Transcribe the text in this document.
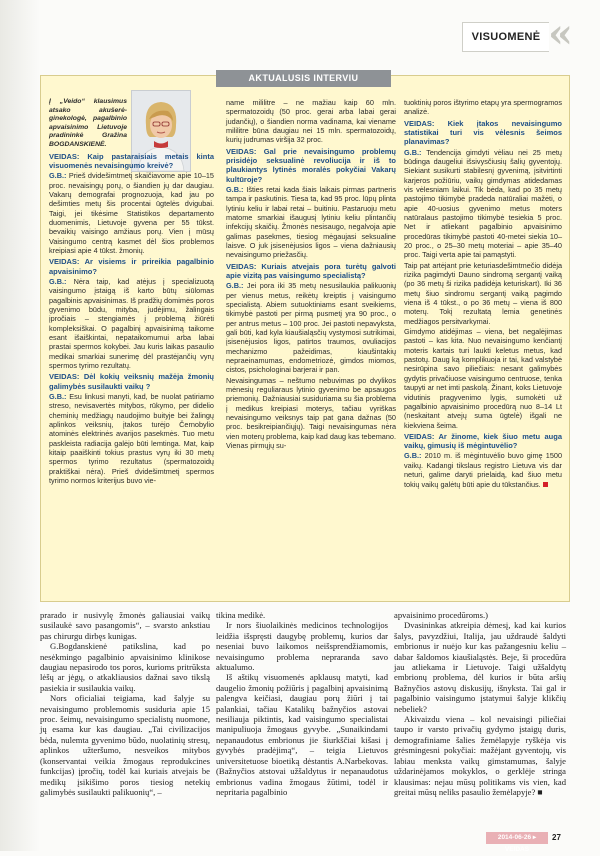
VISUOMENĖ «
AKTUALUSIS INTERVIU

Į „Veido“ klausimus atsako akušerė-ginekologė, pagalbinio apvaisinimo Lietuvoje pradininkė Gražina BOGDANSKIENĖ.

VEIDAS: Kaip pastaraisiais metais kinta visuomenės nevaisingumo kreivė?

G.B.: Prieš dvidešimtmetį skaičiavome apie 10–15 proc. nevaisingų porų, o šiandien jų dar daugiau. Vakarų demografai prognozuoja, kad jau po dešimties metų šis procentai ūgtelės dvigubai. Taigi, jei tikėsime Statistikos departamento duomenimis, Lietuvoje gyvena per 55 tūkst. bevaikių vaisingo amžiaus porų. Vien į mūsų Vaisingumo centrą kasmet dėl šios problemos kreipiasi apie 4 tūkst. žmonių.

VEIDAS: Ar visiems ir prireikia pagalbinio apvaisinimo?

G.B.: Nėra taip, kad atėjus į specializuotą vaisingumo įstaigą iš karto būtų siūlomas pagalbinis apvaisinimas. Iš pradžių domimės poros gyvenimo būdu, mityba, judėjimu, žalingais įpročiais – stengiamės į problemą žiūrėti kompleksiškai. O pagalbinį apvaisinimą taikome esant išaiškintai, nepataikomumui arba labai prastai spermos kokybei. Jau kuris laikas pasaulio medikai smarkiai sunerimę dėl prastėjančių vyrų spermos tyrimo rezultatų.

VEIDAS: Dėl kokių veiksnių mažėja žmonių galimybės susilaukti vaikų ?

G.B.: Esu linkusi manyti, kad, be nuolat patiriamo streso, nevisavertės mitybos, rūkymo, per didelio cheminių medžiagų naudojimo buityje bei žalingų aplinkos veiksnių, įtakos turėjo Černobylio atominės elektrinės avarijos pasekmės. Tuo metu paskleista radiacija galėjo būti lemtinga. Mat, kaip kitaip paaiškinti tokius prastus vyrų iki 30 metų spermos tyrimo rezultatus (spermatozoidų praktiškai nėra). Prieš dvidešimtmetį spermos tyrimo normos kriterijus buvo vie-

name mililitre – ne mažiau kaip 60 mln. spermatozoidų (50 proc. gerai arba labai gerai judančių), o šiandien norma vadinama, kai viename mililitre būna daugiau nei 15 mln. spermatozoidų, kurių judrumas viršija 32 proc.

VEIDAS: Gal prie nevaisingumo problemų prisidėjo seksualinė revoliucija ir iš to plaukiantys lytinės moralės pokyčiai Vakarų kultūroje?

G.B.: Išties retai kada šiais laikais pirmas partneris tampa ir paskutinis. Tiesa ta, kad 95 proc. lūpų plinta lytiniu keliu ir labai retai – buitiniu. Pastaruoju metu matome smarkiai išaugusį lytiniu keliu plintančių infekcijų skaičių. Žmonės nesisaugo, negalvoja apie galimas pasekmes, tiesiog mėgaujasi seksualine laisve. O juk jsisenėjusios ligos – viena dažniausių nevaisingumo priežasčių.

VEIDAS: Kuriais atvejais pora turėtų galvoti apie vizitą pas vaisingumo specialistą?

G.B.: Jei pora iki 35 metų nesusilaukia palikuonių per vienus metus, reikėtų kreiptis į vaisingumo specialistą. Abiem sutuoktiniams esant sveikiems, tikimybė pastoti per pirmą pusmetį yra 90 proc., o per antrus metus – 100 proc. Jei pastoti nepavyksta, gali būti, kad kyla kiaušialąsčių vystymosi sutrikimai, įsisenėjusios ligos, patirtos traumos, ovuliacijos mechanizmo pažeidimas, kiaušintakių nepraeinamumas, endometriozė, gimdos miomos, cistos, psichologinai barjerai ir pan.

Nevaisingumas – neštumo nebuvimas po dvylikos mėnesių reguliaraus lytinio gyvenimo be apsaugos priemonių. Dažniausiai susiduriama su šia problema į medikus kreipiasi moterys, tačiau vyriškas nevaisingumo veiksnys taip pat gana dažnas (50 proc. besikreipiančiųjų). Taigi nevaisingumas nėra vien moterų problema, kaip kad daug kas tebemano. Vienas pirmųjų su-

tuoktinių poros ištyrimo etapų yra spermogramos analizė.

VEIDAS: Kiek įtakos nevaisingumo statistikai turi vis vėlesnis šeimos planavimas?

G.B.: Tendencija gimdyti vėliau nei 25 metų būdinga daugeliui išsivysčiusių šalių gyventojų. Siekiant susikurti stabilesnį gyvenimą, įsitvirtinti karjeros požiūriu, vaikų gimdymas atidedamas vis vėlesniam laikui. Tik bėda, kad po 35 metų pastojimo tikimybė pradeda natūraliai mažėti, o apie 40-uosius gyvenimo metus moters natūralaus pastojimo tikimybė tesiekia 5 proc. Net ir atliekant pagalbinio apvaisinimo procedūras tikimybė pastoti 40-metei siekia 10–20 proc., o 25–30 metų moteriai – apie 35–40 proc. Taigi verta apie tai pamąstyti.

Taip pat artėjant prie keturiasdešimtmečio didėja rizika pagimdyti Dauno sindromą sergantį vaiką (po 36 metų ši rizika padidėja keturiskart). Iki 36 metų šiuo sindromu sergantį vaiką pagimdo viena iš 4 tūkst., o po 36 metų – viena iš 800 moterų. Tokį rezultatą lemia genetinės medžiagos persitvarkymai.

Gimdymo atidėjimas – viena, bet negalėjimas pastoti – kas kita. Nuo nevaisingumo kenčiantį moteris kartais turi laukti keletus metus, kad pastotų. Daug ką komplikuoja ir tai, kad valstybė nesirūpina savo piliečiais: nesant galimybės gydytis privačiuose vaisingumo centruose, tenka taupyti ar net imti paskolą. Žinant, koks Lietuvoje vidutinis pragyvenimo lygis, sumokėti už pagalbinio apvaisinimo procedūrą nuo 8–14 Lt (neskaitant atvejų suma ūgtelė) išgali ne kiekviena šeima.

VEIDAS: Ar žinome, kiek šiuo metu auga vaikų, gimusių iš mėgintuvėlio?

G.B.: 2010 m. iš mėgintuvėlio buvo gimę 1500 vaikų. Kadangi tikslaus registro Lietuva vis dar neturi, galime daryti prielaidą, kad šiuo metu tokių vaikų galėtų būti apie du tūkstančius.

prarado ir nusivylę žmonės galiausiai vaikų susilaukė savo pasangomis“, – svarsto ankstiau pas chirurgu dirbęs kunigas.

G.Bogdanskienė patikslina, kad po nesėkmingo pagalbinio apvaisinimo klinikose daugiau nepasirodo tos poros, kurioms pritrūksta lėšų ar jėgų, o atkakliausios dažnai savo tikslą pasiekia ir susilaukia vaikų.

Nors oficialiai teigiama, kad šalyje su nevaisingumo problemomis susiduria apie 15 proc. šeimų, nevaisingumo specialistų nuomone, jų esama kur kas daugiau. „Tai civilizacijos bėda, nulemta gyvenimo būdo, nuolatinių stresų, aplinkos užteršumo, nesveikos mitybos (konservantai veikia žmogaus reprodukcines funkcijas) įpročių, todėl kai kuriais atvejais be medikų įsikišimo poros tiesiog netekių galimybės susilaukti palikuonių“, –

tikina medikė.

Ir nors šiuolaikinės medicinos technologijos leidžia išspręsti daugybę problemų, kurios dar neseniai buvo laikomos neišsprendžiamomis, nevaisingumo problema nepraranda savo aktualumo.

Iš aštikų visuomenės apklausų matyti, kad daugelio žmonių požiūris į pagalbinį apvaisinimą palengva keičiasi, daugiau porų žiūri į tai palankiai, tačiau Katalikų bažnyčios astovai nesiliauja piktintis, kad vaisingumo specialistai manipuliuoja žmogaus gyvybe. „Sunaikindami nepanaudotus embrionus jie šiurkščiai kišasi į gyvybės pradėjimą“, – teigia Lietuvos universitetuose bioetiką dėstantis A.Narbekovas. (Bažnyčios atstovai užšaldytus ir nepanaudotus embrionus vadina žmogaus žūtimi, todėl ir nepritaria pagalbinio

apvaisinimo procedūroms.)

Dvasininkas atkreipia dėmesį, kad kai kurios šalys, pavyzdžiui, Italija, jau uždraudė šaldyti embrionus ir nuėjo kur kas pažangesniu keliu – dabar šaldomos kiaušialąstės. Beje, ši procedūra jau atliekama ir Lietuvoje. Taigi užšaldytų embrionų problema, dėl kurios ir būta aršių Bažnyčios astovų diskusijų, išnyksta. Tai gal ir pagalbinio vaisingumo įstatymui šalyje klikčių nebeliek?

Akivaizdu viena – kol nevaisingi piliečiai taupo ir varsto privačių gydymo įstaigų duris, demografiniame šalies žemėlapyje ryškėja vis grėsmingesni pokyčiai: mažėjant gyventojų, vis labiau menksta vaikų gimstamumas, šalyje uždarinėjamos mokyklos, o gerklėje stringa klausimas: nejau mūsų politikams vis vien, kad greitai mūsų neliks pasaulio žemėlapyje? ■

2014-06-26 ▸ VEIDAS
27
